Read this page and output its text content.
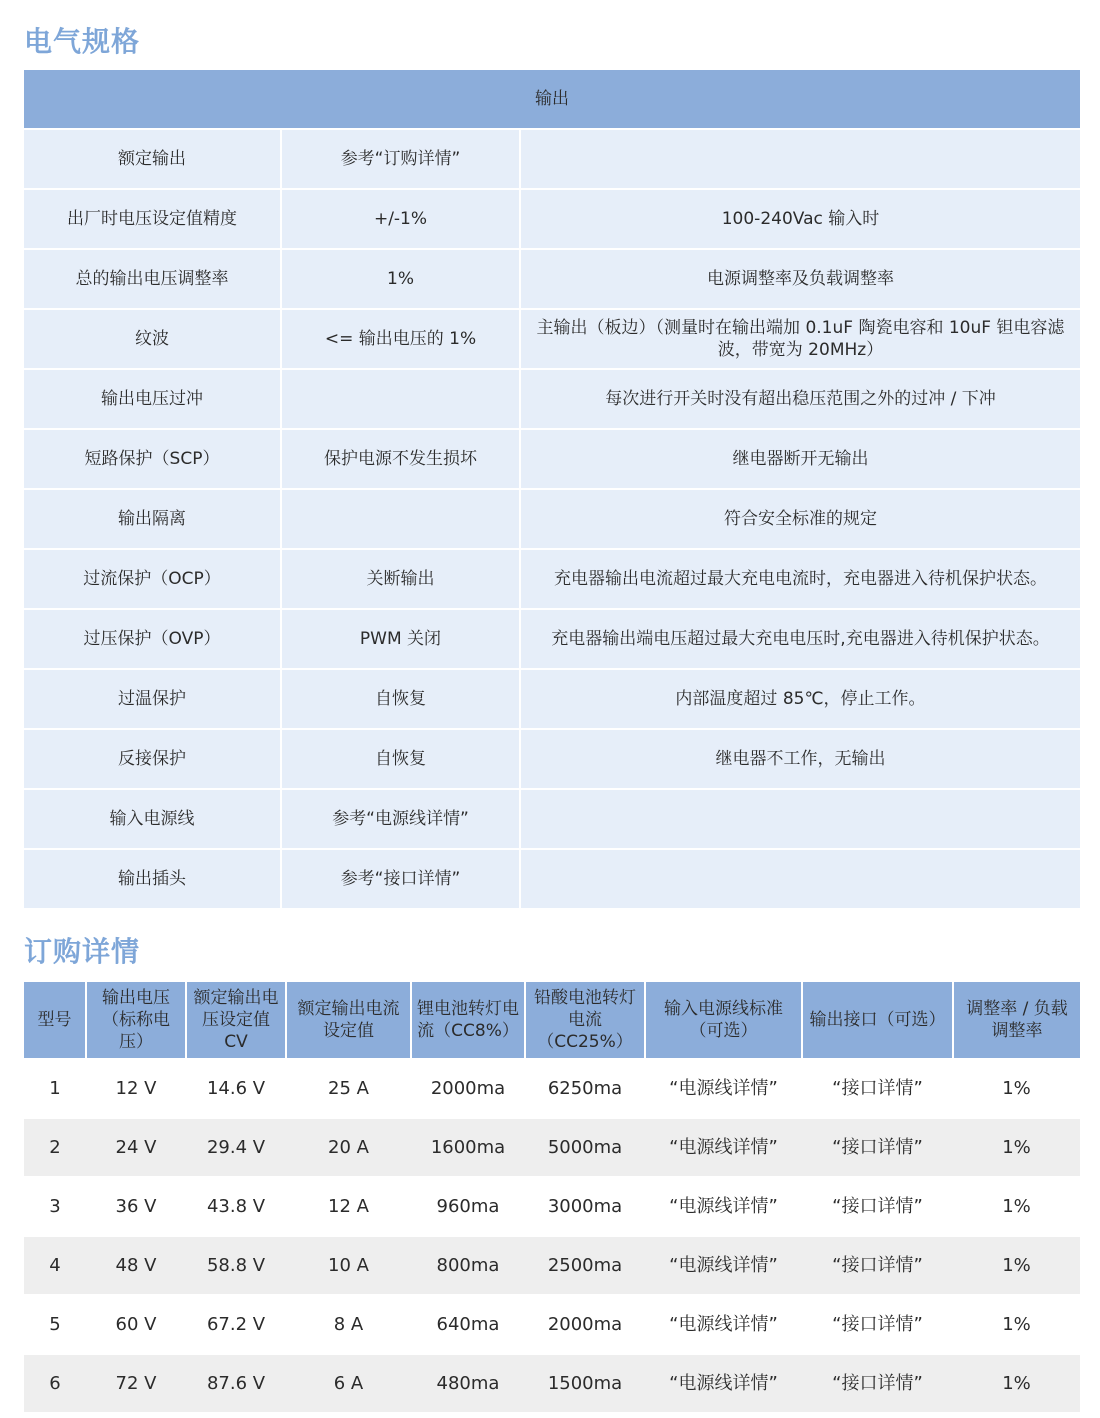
电气规格
输出		
额定输出	参考“订购详情”	
出厂时电压设定值精度	+/-1%	100-240Vac 输入时
总的输出电压调整率	1%	电源调整率及负载调整率
纹波	<= 输出电压的 1%	主输出（板边）（测量时在输出端加 0.1uF 陶瓷电容和 10uF 钽电容滤波，带宽为 20MHz）
输出电压过冲		每次进行开关时没有超出稳压范围之外的过冲 / 下冲
短路保护（SCP）	保护电源不发生损坏	继电器断开无输出
输出隔离		符合安全标准的规定
过流保护（OCP）	关断输出	充电器输出电流超过最大充电电流时，充电器进入待机保护状态。
过压保护（OVP）	PWM 关闭	充电器输出端电压超过最大充电电压时,充电器进入待机保护状态。
过温保护	自恢复	内部温度超过 85℃，停止工作。
反接保护	自恢复	继电器不工作，无输出
输入电源线	参考“电源线详情”	
输出插头	参考“接口详情”	
订购详情
型号	输出电压（标称电压）	额定输出电压设定值 CV	额定输出电流设定值	锂电池转灯电流（CC8%）	铅酸电池转灯电流（CC25%）	输入电源线标准（可选）	输出接口（可选）	调整率 / 负载调整率
1	12 V	14.6 V	25 A	2000ma	6250ma	“电源线详情”	“接口详情”	1%
2	24 V	29.4 V	20 A	1600ma	5000ma	“电源线详情”	“接口详情”	1%
3	36 V	43.8 V	12 A	960ma	3000ma	“电源线详情”	“接口详情”	1%
4	48 V	58.8 V	10 A	800ma	2500ma	“电源线详情”	“接口详情”	1%
5	60 V	67.2 V	8 A	640ma	2000ma	“电源线详情”	“接口详情”	1%
6	72 V	87.6 V	6 A	480ma	1500ma	“电源线详情”	“接口详情”	1%
